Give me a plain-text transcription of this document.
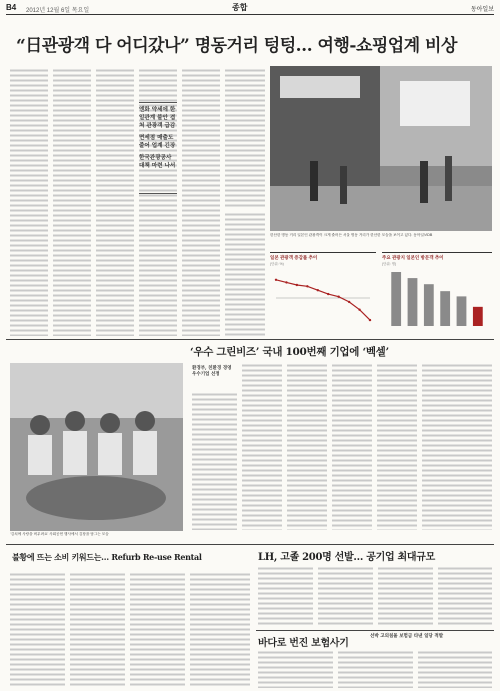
B4 2012년 12월 6일 목요일	종합	동아일보
“日관광객 다 어디갔나” 명동거리 텅텅… 여행-쇼핑업계 비상
엔화 약세에 한일관계 불안 겹쳐 관광객 급감
면세점 매출도 줄어 업계 긴장
한국관광공사 대책 마련 나서
한산한 명동 거리 일본인 관광객이 크게 줄어든 서울 명동 거리가 한산한 모습을 보이고 있다. 동아일보DB
일본 관광객 증감률 추이
(단위: %)
주요 관광지 일본인 방문객 추이
(단위: 명)
‘우수 그린비즈’ 국내 100번째 기업에 ‘벡셀’
‘김치에 사랑을 버무려요’ 사회공헌 행사에서 김장을 담그는 모습
환경부, 친환경 경영 우수기업 선정
LH, 고졸 200명 선발… 공기업 최대규모
불황에 뜨는 소비 키워드는… Refurb Re-use Rental
바다로 번진 보험사기
선박 고의침몰 보험금 타낸 일당 적발
